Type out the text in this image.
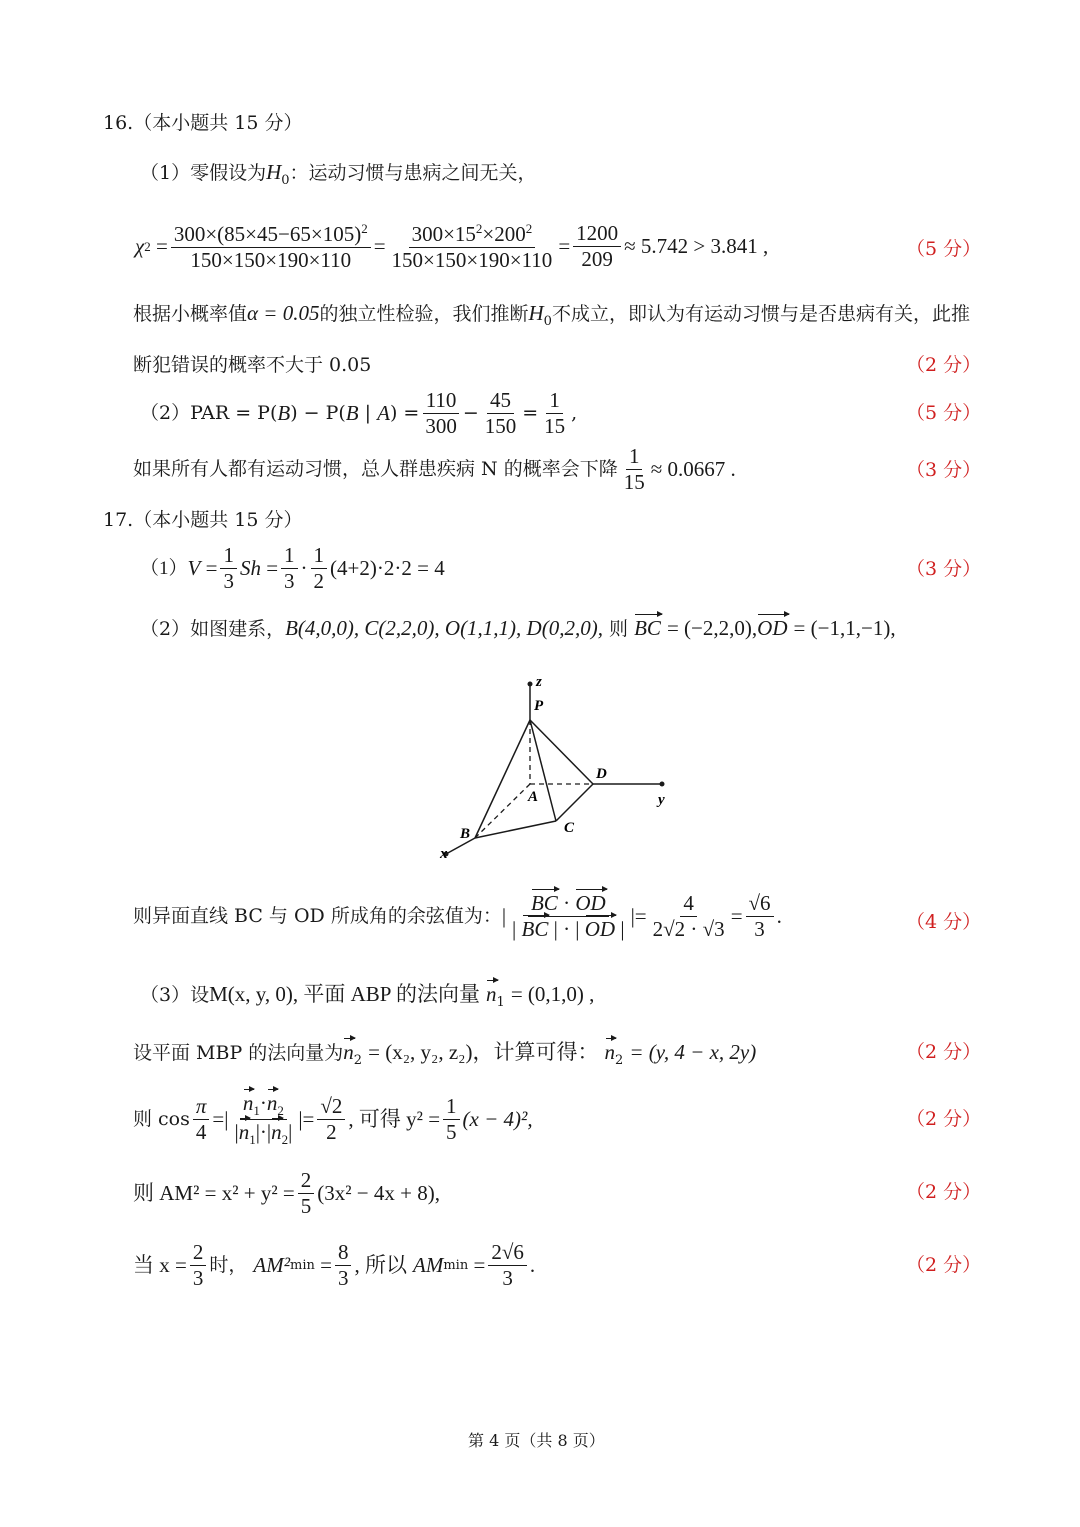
16.（本小题共 15 分）
（1）零假设为$H_0$：运动习惯与患病之间无关，
χ $2 = \frac{300\times(85\times 45-65\times 105)^2}{150\times 150\times 190\times 110} = \frac{300\times 15^2\times 200^2}{150\times 150\times 190\times 110} = \frac{1200}{209} \approx 5.742 > 3.841$ ,	（5 分）
根据小概率值α = 0.05的独立性检验，我们推断$H_0$不成立，即认为有运动习惯与是否患病有关，此推
断犯错误的概率不大于 0.05	（2 分）
（2）PAR = P( B ) − P( B | A ) = $\frac{110}{300} - \frac{45}{150} = \frac{1}{15}$ ,	（5 分）
如果所有人都有运动习惯，总人群患疾病 N 的概率会下降 $\frac{1}{15} \approx 0.0667$ .	（3 分）
17.（本小题共 15 分）
（1） $V = \frac{1}{3}$ $Sh = \frac{1}{3} \cdot \frac{1}{2} (4+2)\cdot 2\cdot 2 = 4$	（3 分）
（2）如图建系，B(4,0,0), C(2,2,0), O(1,1,1), D(0,2,0), 则 BC = (−2,2,0),OD = (−1,1,−1),
z
P
D
y
A
C
B
x
则异面直线 BC 与 OD 所成角的余弦值为： | $\frac{BC \cdot OD}{| BC | \cdot | OD |}$ |= $\frac{4}{2√2 \cdot √3} = \frac{√6}{3}$ .	（4 分）
（3）设M(x, y, 0), 平面 ABP 的法向量 $n_1 = (0,1,0)$ ,
设平面 MBP 的法向量为$n_2 = (x_2$, y₂, z₂)，计算可得： $n_2 = (y$, 4 − x, 2y)	（2 分）
则 $\cos \frac{\pi}{4}$ =| $\frac{n_1\cdot n_2}{|n_1|\cdot|n_2|}$ |= $\frac{√2}{2}$ , 可得 $y^2 = \frac{1}{5} (x - 4)^2$,	（2 分）
则 $AM^2 = x^2 + y^2 = \frac{2}{5} (3x^2 - 4x + 8)$,	（2 分）
当 $x = \frac{2}{3}$ 时，
AM² $\min = \frac{8}{3}$ , 所以
AM $\min = \frac{2√6}{3}$ .	（2 分）
第 4 页（共 8 页）
